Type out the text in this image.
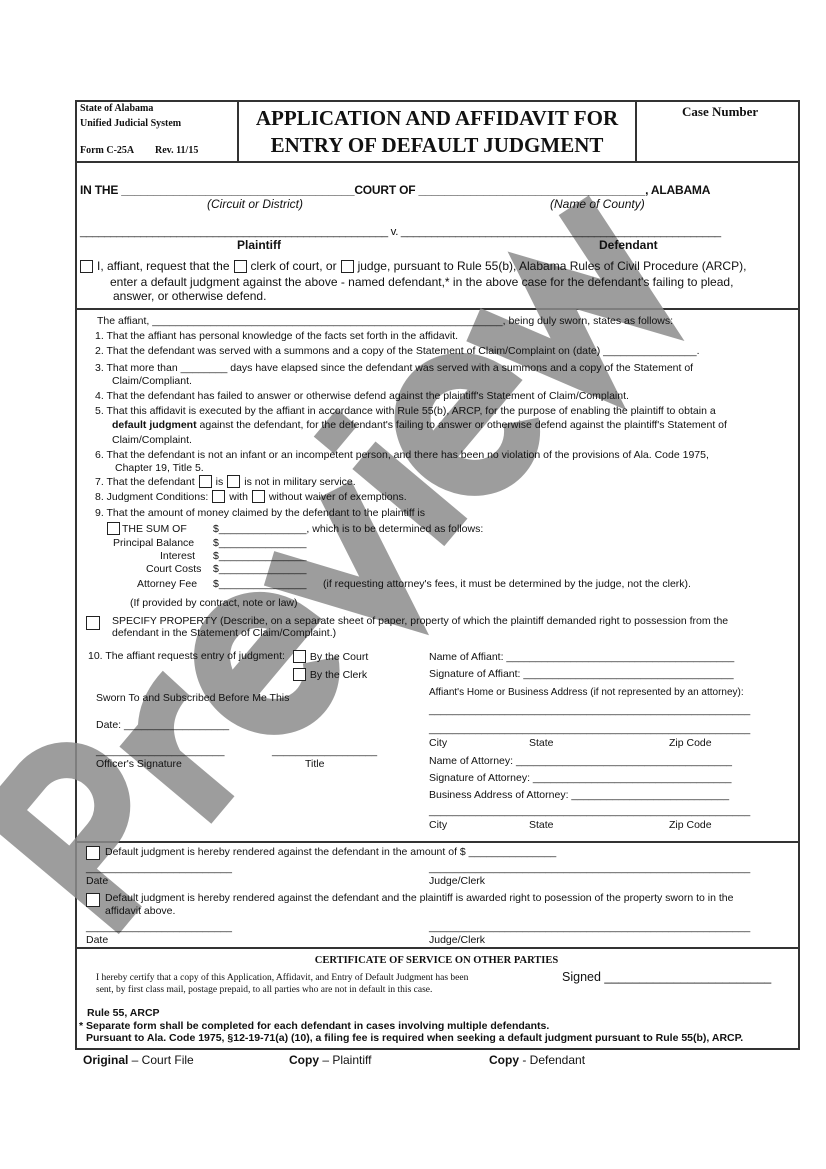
State of Alabama
Unified Judicial System
Form C-25A Rev. 11/15
APPLICATION AND AFFIDAVIT FOR
ENTRY OF DEFAULT JUDGMENT
Case Number
IN THE ____________________________________COURT OF ___________________________________, ALABAMA
(Circuit or District)	(Name of County)
___________________________________________________ v. _____________________________________________________
Plaintiff	Defendant
I, affiant, request that the clerk of court, or judge, pursuant to Rule 55(b), Alabama Rules of Civil Procedure (ARCP),
enter a default judgment against the above - named defendant,* in the above case for the defendant's failing to plead,
answer, or otherwise defend.
The affiant, ____________________________________________________________, being duly sworn, states as follows:
1. That the affiant has personal knowledge of the facts set forth in the affidavit.
2. That the defendant was served with a summons and a copy of the Statement of Claim/Complaint on (date) ________________.
3. That more than ________ days have elapsed since the defendant was served with a summons and a copy of the Statement of
Claim/Compliant.
4. That the defendant has failed to answer or otherwise defend against the plaintiff's Statement of Claim/Complaint.
5. That this affidavit is executed by the affiant in accordance with Rule 55(b), ARCP, for the purpose of enabling the plaintiff to obtain a
default judgment against the defendant, for the defendant's failing to answer or otherwise defend against the plaintiff's Statement of
Claim/Complaint.
6. That the defendant is not an infant or an incompetent person, and there has been no violation of the provisions of Ala. Code 1975,
Chapter 19, Title 5.
7. That the defendant is is not in military service.
8. Judgment Conditions: with without waiver of exemptions.
9. That the amount of money claimed by the defendant to the plaintiff is
THE SUM OF	$_______________, which is to be determined as follows:
Principal Balance $_______________
Interest $_______________
Court Costs $_______________
Attorney Fee $_______________ (if requesting attorney's fees, it must be determined by the judge, not the clerk).
(If provided by contract, note or law)
SPECIFY PROPERTY (Describe, on a separate sheet of paper, property of which the plaintiff demanded right to possession from the
defendant in the Statement of Claim/Complaint.)
10. The affiant requests entry of judgment: By the Court
By the Clerk
Sworn To and Subscribed Before Me This
Date: __________________
______________________	__________________
Officer's Signature	Title
Name of Affiant: _______________________________________
Signature of Affiant: ____________________________________
Affiant's Home or Business Address (if not represented by an attorney):
_______________________________________________________
_______________________________________________________
City	State	Zip Code
Name of Attorney: _____________________________________
Signature of Attorney: __________________________________
Business Address of Attorney: ___________________________
_______________________________________________________
City	State	Zip Code
Default judgment is hereby rendered against the defendant in the amount of $ _______________
_________________________	_______________________________________________________
Date	Judge/Clerk
Default judgment is hereby rendered against the defendant and the plaintiff is awarded right to posession of the property sworn to in the
affidavit above.
_________________________	_______________________________________________________
Date	Judge/Clerk
CERTIFICATE OF SERVICE ON OTHER PARTIES
I hereby certify that a copy of this Application, Affidavit, and Entry of Default Judgment has been
sent, by first class mail, postage prepaid, to all parties who are not in default in this case.
Signed ________________________
Rule 55, ARCP
* Separate form shall be completed for each defendant in cases involving multiple defendants.
Pursuant to Ala. Code 1975, §12-19-71(a) (10), a filing fee is required when seeking a default judgment pursuant to Rule 55(b), ARCP.
Original – Court File	Copy – Plaintiff	Copy - Defendant
